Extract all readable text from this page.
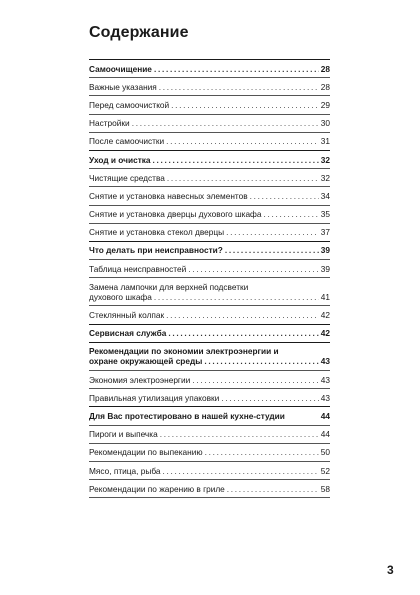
Содержание
Самоочищение .....	28
Важные указания .....	28
Перед самоочисткой .....	29
Настройки .....	30
После самоочистки .....	31
Уход и очистка .....	32
Чистящие средства .....	32
Снятие и установка навесных элементов .....	34
Снятие и установка дверцы духового шкафа .....	35
Снятие и установка стекол дверцы .....	37
Что делать при неисправности? .....	39
Таблица неисправностей .....	39
Замена лампочки для верхней подсветки
духового шкафа .....	41
Стеклянный колпак .....	42
Сервисная служба .....	42
Рекомендации по экономии электроэнергии и
охране окружающей среды .....	43
Экономия электроэнергии .....	43
Правильная утилизация упаковки .....	43
Для Вас протестировано в нашей кухне-студии	44
Пироги и выпечка .....	44
Рекомендации по выпеканию .....	50
Мясо, птица, рыба .....	52
Рекомендации по жарению в гриле .....	58
3
